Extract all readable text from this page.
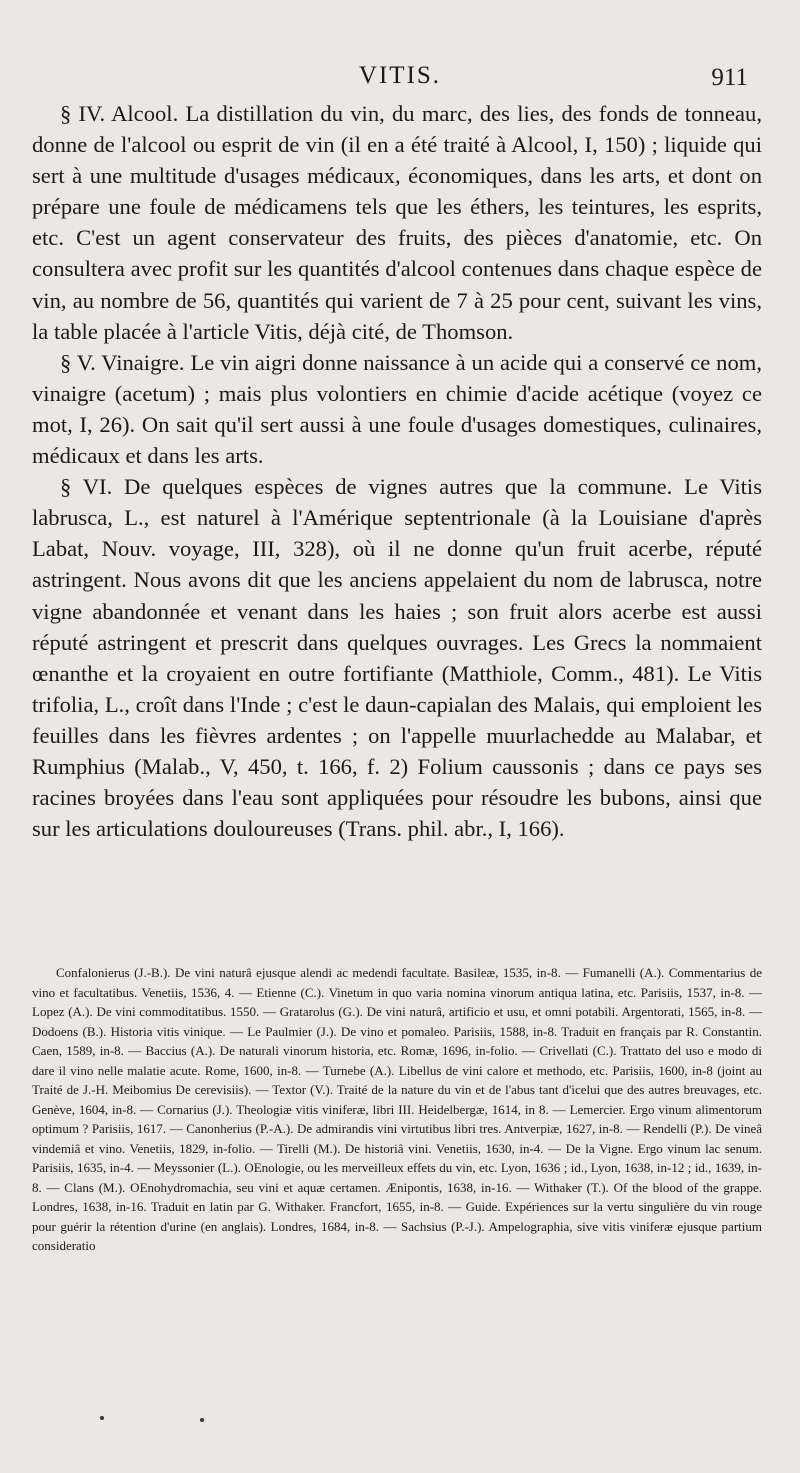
VITIS.	911

§ IV. Alcool. La distillation du vin, du marc, des lies, des fonds de tonneau, donne de l'alcool ou esprit de vin (il en a été traité à Alcool, I, 150) ; liquide qui sert à une multitude d'usages médicaux, économiques, dans les arts, et dont on prépare une foule de médicamens tels que les éthers, les teintures, les esprits, etc. C'est un agent conservateur des fruits, des pièces d'anatomie, etc. On consultera avec profit sur les quantités d'alcool contenues dans chaque espèce de vin, au nombre de 56, quantités qui varient de 7 à 25 pour cent, suivant les vins, la table placée à l'article Vitis, déjà cité, de Thomson.

§ V. Vinaigre. Le vin aigri donne naissance à un acide qui a conservé ce nom, vinaigre (acetum) ; mais plus volontiers en chimie d'acide acétique (voyez ce mot, I, 26). On sait qu'il sert aussi à une foule d'usages domestiques, culinaires, médicaux et dans les arts.

§ VI. De quelques espèces de vignes autres que la commune. Le Vitis labrusca, L., est naturel à l'Amérique septentrionale (à la Louisiane d'après Labat, Nouv. voyage, III, 328), où il ne donne qu'un fruit acerbe, réputé astringent. Nous avons dit que les anciens appelaient du nom de labrusca, notre vigne abandonnée et venant dans les haies ; son fruit alors acerbe est aussi réputé astringent et prescrit dans quelques ouvrages. Les Grecs la nommaient œnanthe et la croyaient en outre fortifiante (Matthiole, Comm., 481). Le Vitis trifolia, L., croît dans l'Inde ; c'est le daun-capialan des Malais, qui emploient les feuilles dans les fièvres ardentes ; on l'appelle muurlachedde au Malabar, et Rumphius (Malab., V, 450, t. 166, f. 2) Folium caussonis ; dans ce pays ses racines broyées dans l'eau sont appliquées pour résoudre les bubons, ainsi que sur les articulations douloureuses (Trans. phil. abr., I, 166).

Confalonierus (J.-B.). De vini naturâ ejusque alendi ac medendi facultate. Basileæ, 1535, in-8. — Fumanelli (A.). Commentarius de vino et facultatibus. Venetiis, 1536, 4. — Etienne (C.). Vinetum in quo varia nomina vinorum antiqua latina, etc. Parisiis, 1537, in-8. — Lopez (A.). De vini commoditatibus. 1550. — Gratarolus (G.). De vini naturâ, artificio et usu, et omni potabili. Argentorati, 1565, in-8. — Dodoens (B.). Historia vitis vinique. — Le Paulmier (J.). De vino et pomaleo. Parisiis, 1588, in-8. Traduit en français par R. Constantin. Caen, 1589, in-8. — Baccius (A.). De naturali vinorum historia, etc. Romæ, 1696, in-folio. — Crivellati (C.). Trattato del uso e modo di dare il vino nelle malatie acute. Rome, 1600, in-8. — Turnebe (A.). Libellus de vini calore et methodo, etc. Parisiis, 1600, in-8 (joint au Traité de J.-H. Meibomius De cerevisiis). — Textor (V.). Traité de la nature du vin et de l'abus tant d'icelui que des autres breuvages, etc. Genève, 1604, in-8. — Cornarius (J.). Theologiæ vitis viniferæ, libri III. Heidelbergæ, 1614, in 8. — Lemercier. Ergo vinum alimentorum optimum ? Parisiis, 1617. — Canonherius (P.-A.). De admirandis vini virtutibus libri tres. Antverpiæ, 1627, in-8. — Rendelli (P.). De vineâ vindemiâ et vino. Venetiis, 1829, in-folio. — Tirelli (M.). De historiâ vini. Venetiis, 1630, in-4. — De la Vigne. Ergo vinum lac senum. Parisiis, 1635, in-4. — Meyssonier (L.). OEnologie, ou les merveilleux effets du vin, etc. Lyon, 1636 ; id., Lyon, 1638, in-12 ; id., 1639, in-8. — Clans (M.). OEnohydromachia, seu vini et aquæ certamen. Ænipontis, 1638, in-16. — Withaker (T.). Of the blood of the grappe. Londres, 1638, in-16. Traduit en latin par G. Withaker. Francfort, 1655, in-8. — Guide. Expériences sur la vertu singulière du vin rouge pour guérir la rétention d'urine (en anglais). Londres, 1684, in-8. — Sachsius (P.-J.). Ampelographia, sive vitis viniferæ ejusque partium consideratio
